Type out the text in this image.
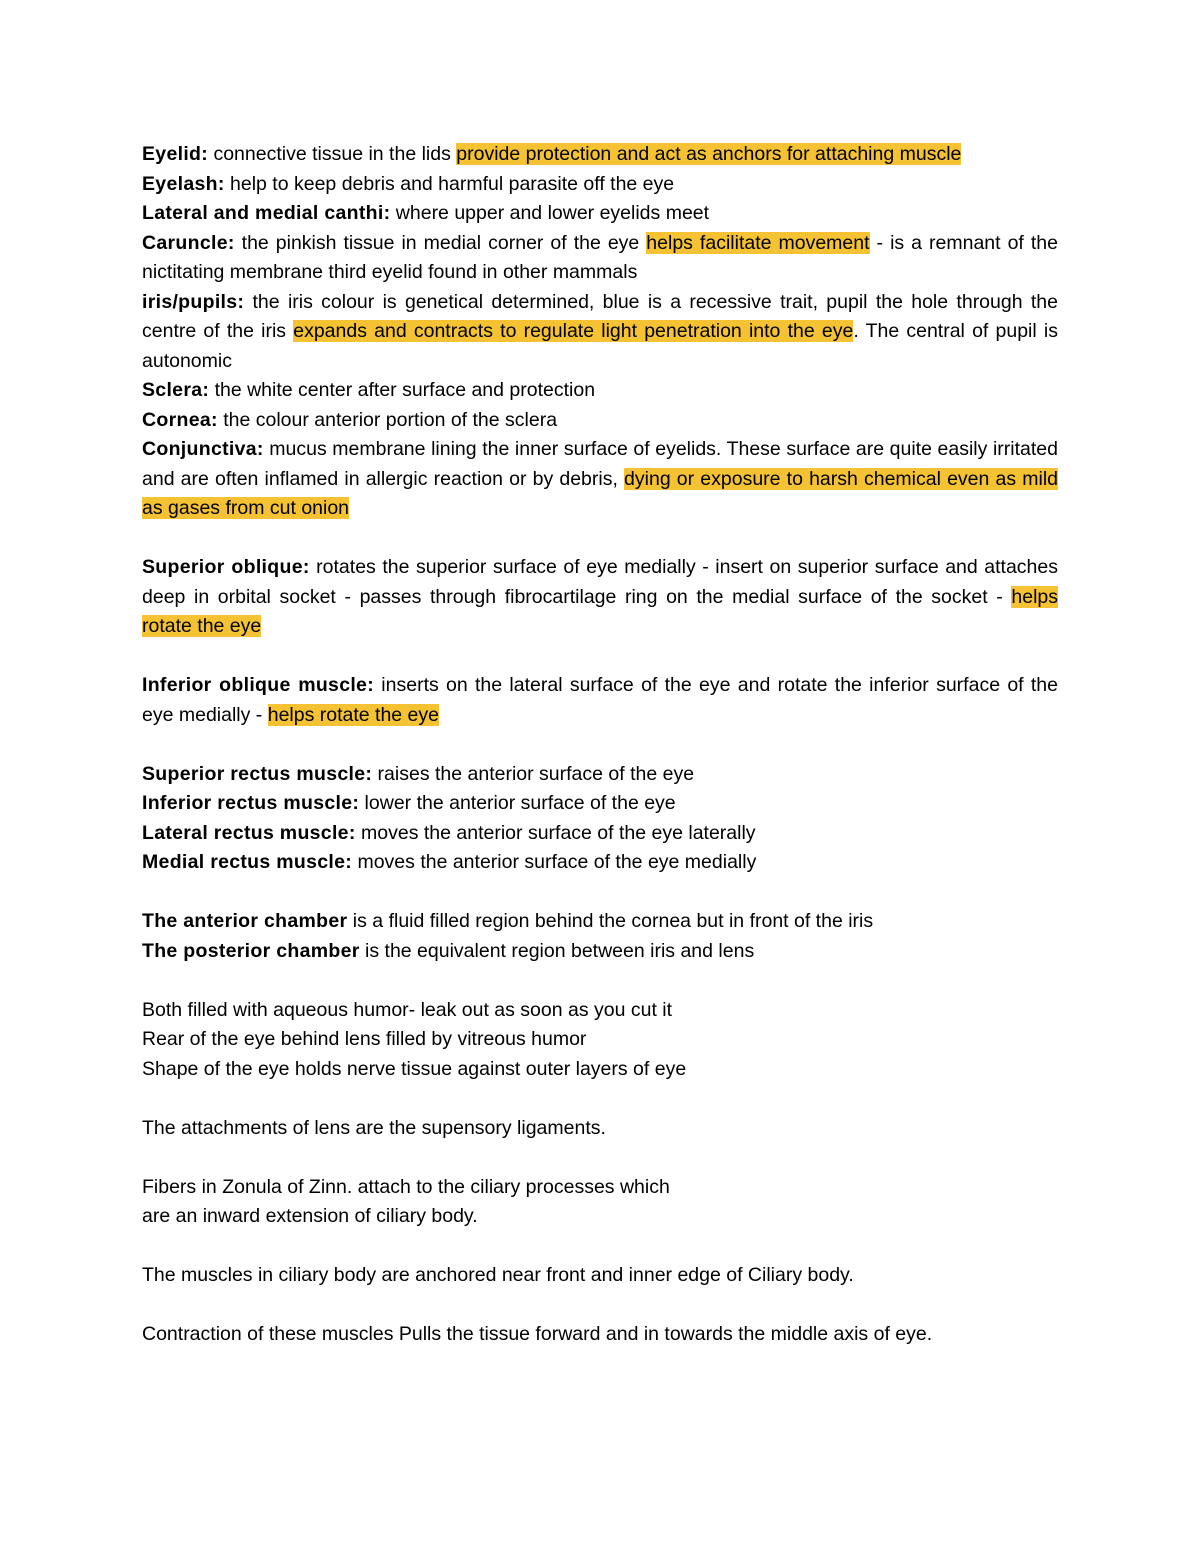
Eyelid: connective tissue in the lids provide protection and act as anchors for attaching muscle

Eyelash: help to keep debris and harmful parasite off the eye

Lateral and medial canthi: where upper and lower eyelids meet

Caruncle: the pinkish tissue in medial corner of the eye helps facilitate movement - is a remnant of the nictitating membrane third eyelid found in other mammals

iris/pupils: the iris colour is genetical determined, blue is a recessive trait, pupil the hole through the centre of the iris expands and contracts to regulate light penetration into the eye. The central of pupil is autonomic

Sclera: the white center after surface and protection

Cornea: the colour anterior portion of the sclera

Conjunctiva: mucus membrane lining the inner surface of eyelids. These surface are quite easily irritated and are often inflamed in allergic reaction or by debris, dying or exposure to harsh chemical even as mild as gases from cut onion

Superior oblique: rotates the superior surface of eye medially - insert on superior surface and attaches deep in orbital socket - passes through fibrocartilage ring on the medial surface of the socket - helps rotate the eye

Inferior oblique muscle: inserts on the lateral surface of the eye and rotate the inferior surface of the eye medially - helps rotate the eye

Superior rectus muscle: raises the anterior surface of the eye

Inferior rectus muscle: lower the anterior surface of the eye

Lateral rectus muscle: moves the anterior surface of the eye laterally

Medial rectus muscle: moves the anterior surface of the eye medially

The anterior chamber is a fluid filled region behind the cornea but in front of the iris

The posterior chamber is the equivalent region between iris and lens

Both filled with aqueous humor- leak out as soon as you cut it

Rear of the eye behind lens filled by vitreous humor

Shape of the eye holds nerve tissue against outer layers of eye

The attachments of lens are the supensory ligaments.

Fibers in Zonula of Zinn. attach to the ciliary processes which

are an inward extension of ciliary body.

The muscles in ciliary body are anchored near front and inner edge of Ciliary body.

Contraction of these muscles Pulls the tissue forward and in towards the middle axis of eye.
